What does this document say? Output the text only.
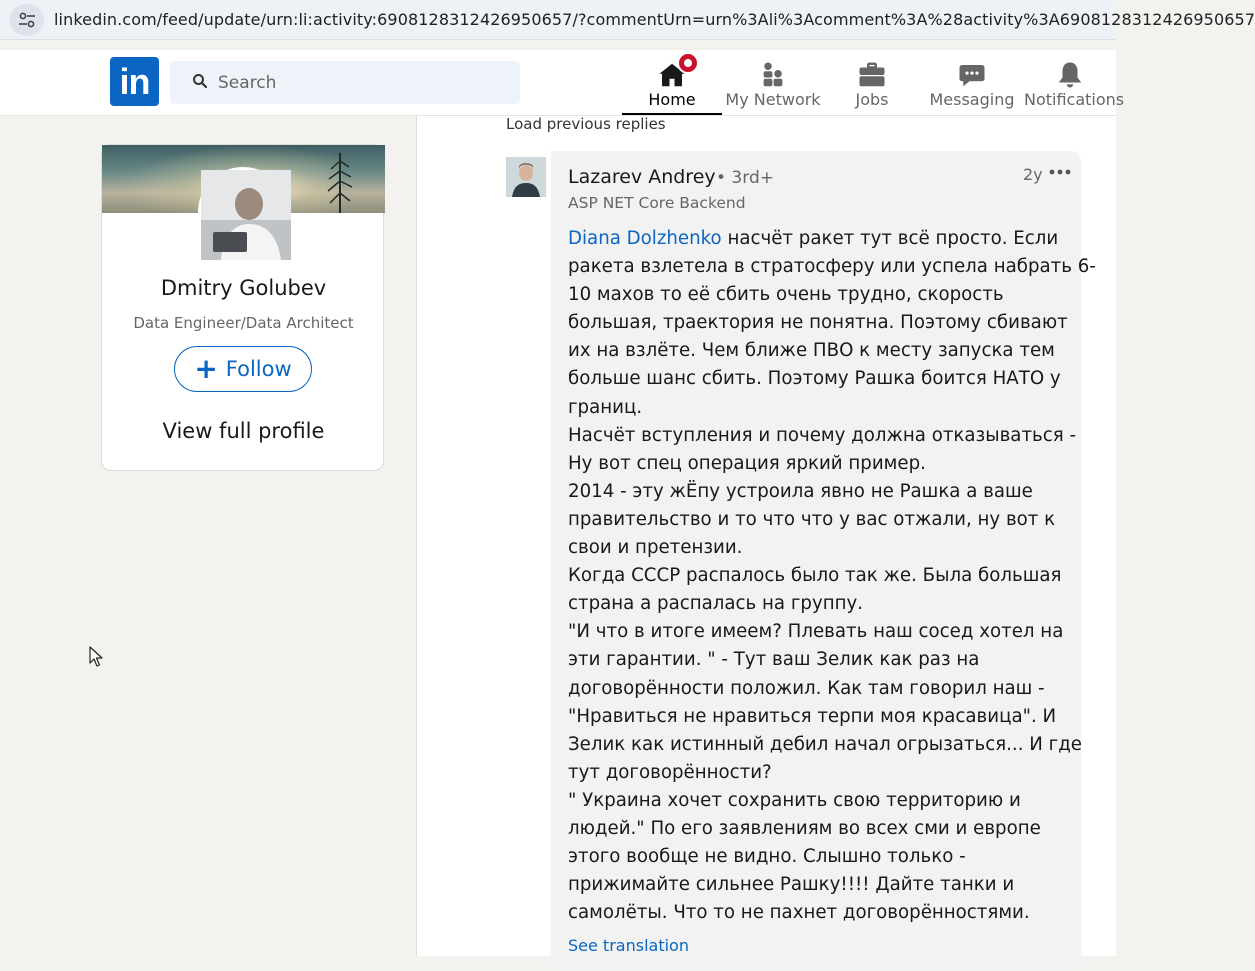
linkedin.com/feed/update/urn:li:activity:6908128312426950657/?commentUrn=urn%3Ali%3Acomment%3A%28activity%3A6908128312426950657
in
Search	Home My Network Jobs	Messaging Notifications
Dmitry Golubev
Data Engineer/Data Architect
+ Follow
View full profile
Load previous replies
Lazarev Andrey • 3rd+
ASP NET Core Backend
2y
Diana Dolzhenko насчёт ракет тут всё просто. Если
ракета взлетела в стратосферу или успела набрать 6-
10 махов то её сбить очень трудно, скорость
большая, траектория не понятна. Поэтому сбивают
их на взлёте. Чем ближе ПВО к месту запуска тем
больше шанс сбить. Поэтому Рашка боится НАТО у
границ.
Насчёт вступления и почему должна отказываться -
Ну вот спец операция яркий пример.
2014 - эту жЁпу устроила явно не Рашка а ваше
правительство и то что что у вас отжали, ну вот к
свои и претензии.
Когда СССР распалось было так же. Была большая
страна а распалась на группу.
"И что в итоге имеем? Плевать наш сосед хотел на
эти гарантии. " - Тут ваш Зелик как раз на
договорённости положил. Как там говорил наш -
"Нравиться не нравиться терпи моя красавица". И
Зелик как истинный дебил начал огрызаться... И где
тут договорённости?
" Украина хочет сохранить свою территорию и
людей." По его заявлениям во всех сми и европе
этого вообще не видно. Слышно только -
прижимайте сильнее Рашку!!!! Дайте танки и
самолёты. Что то не пахнет договорённостями.
See translation
